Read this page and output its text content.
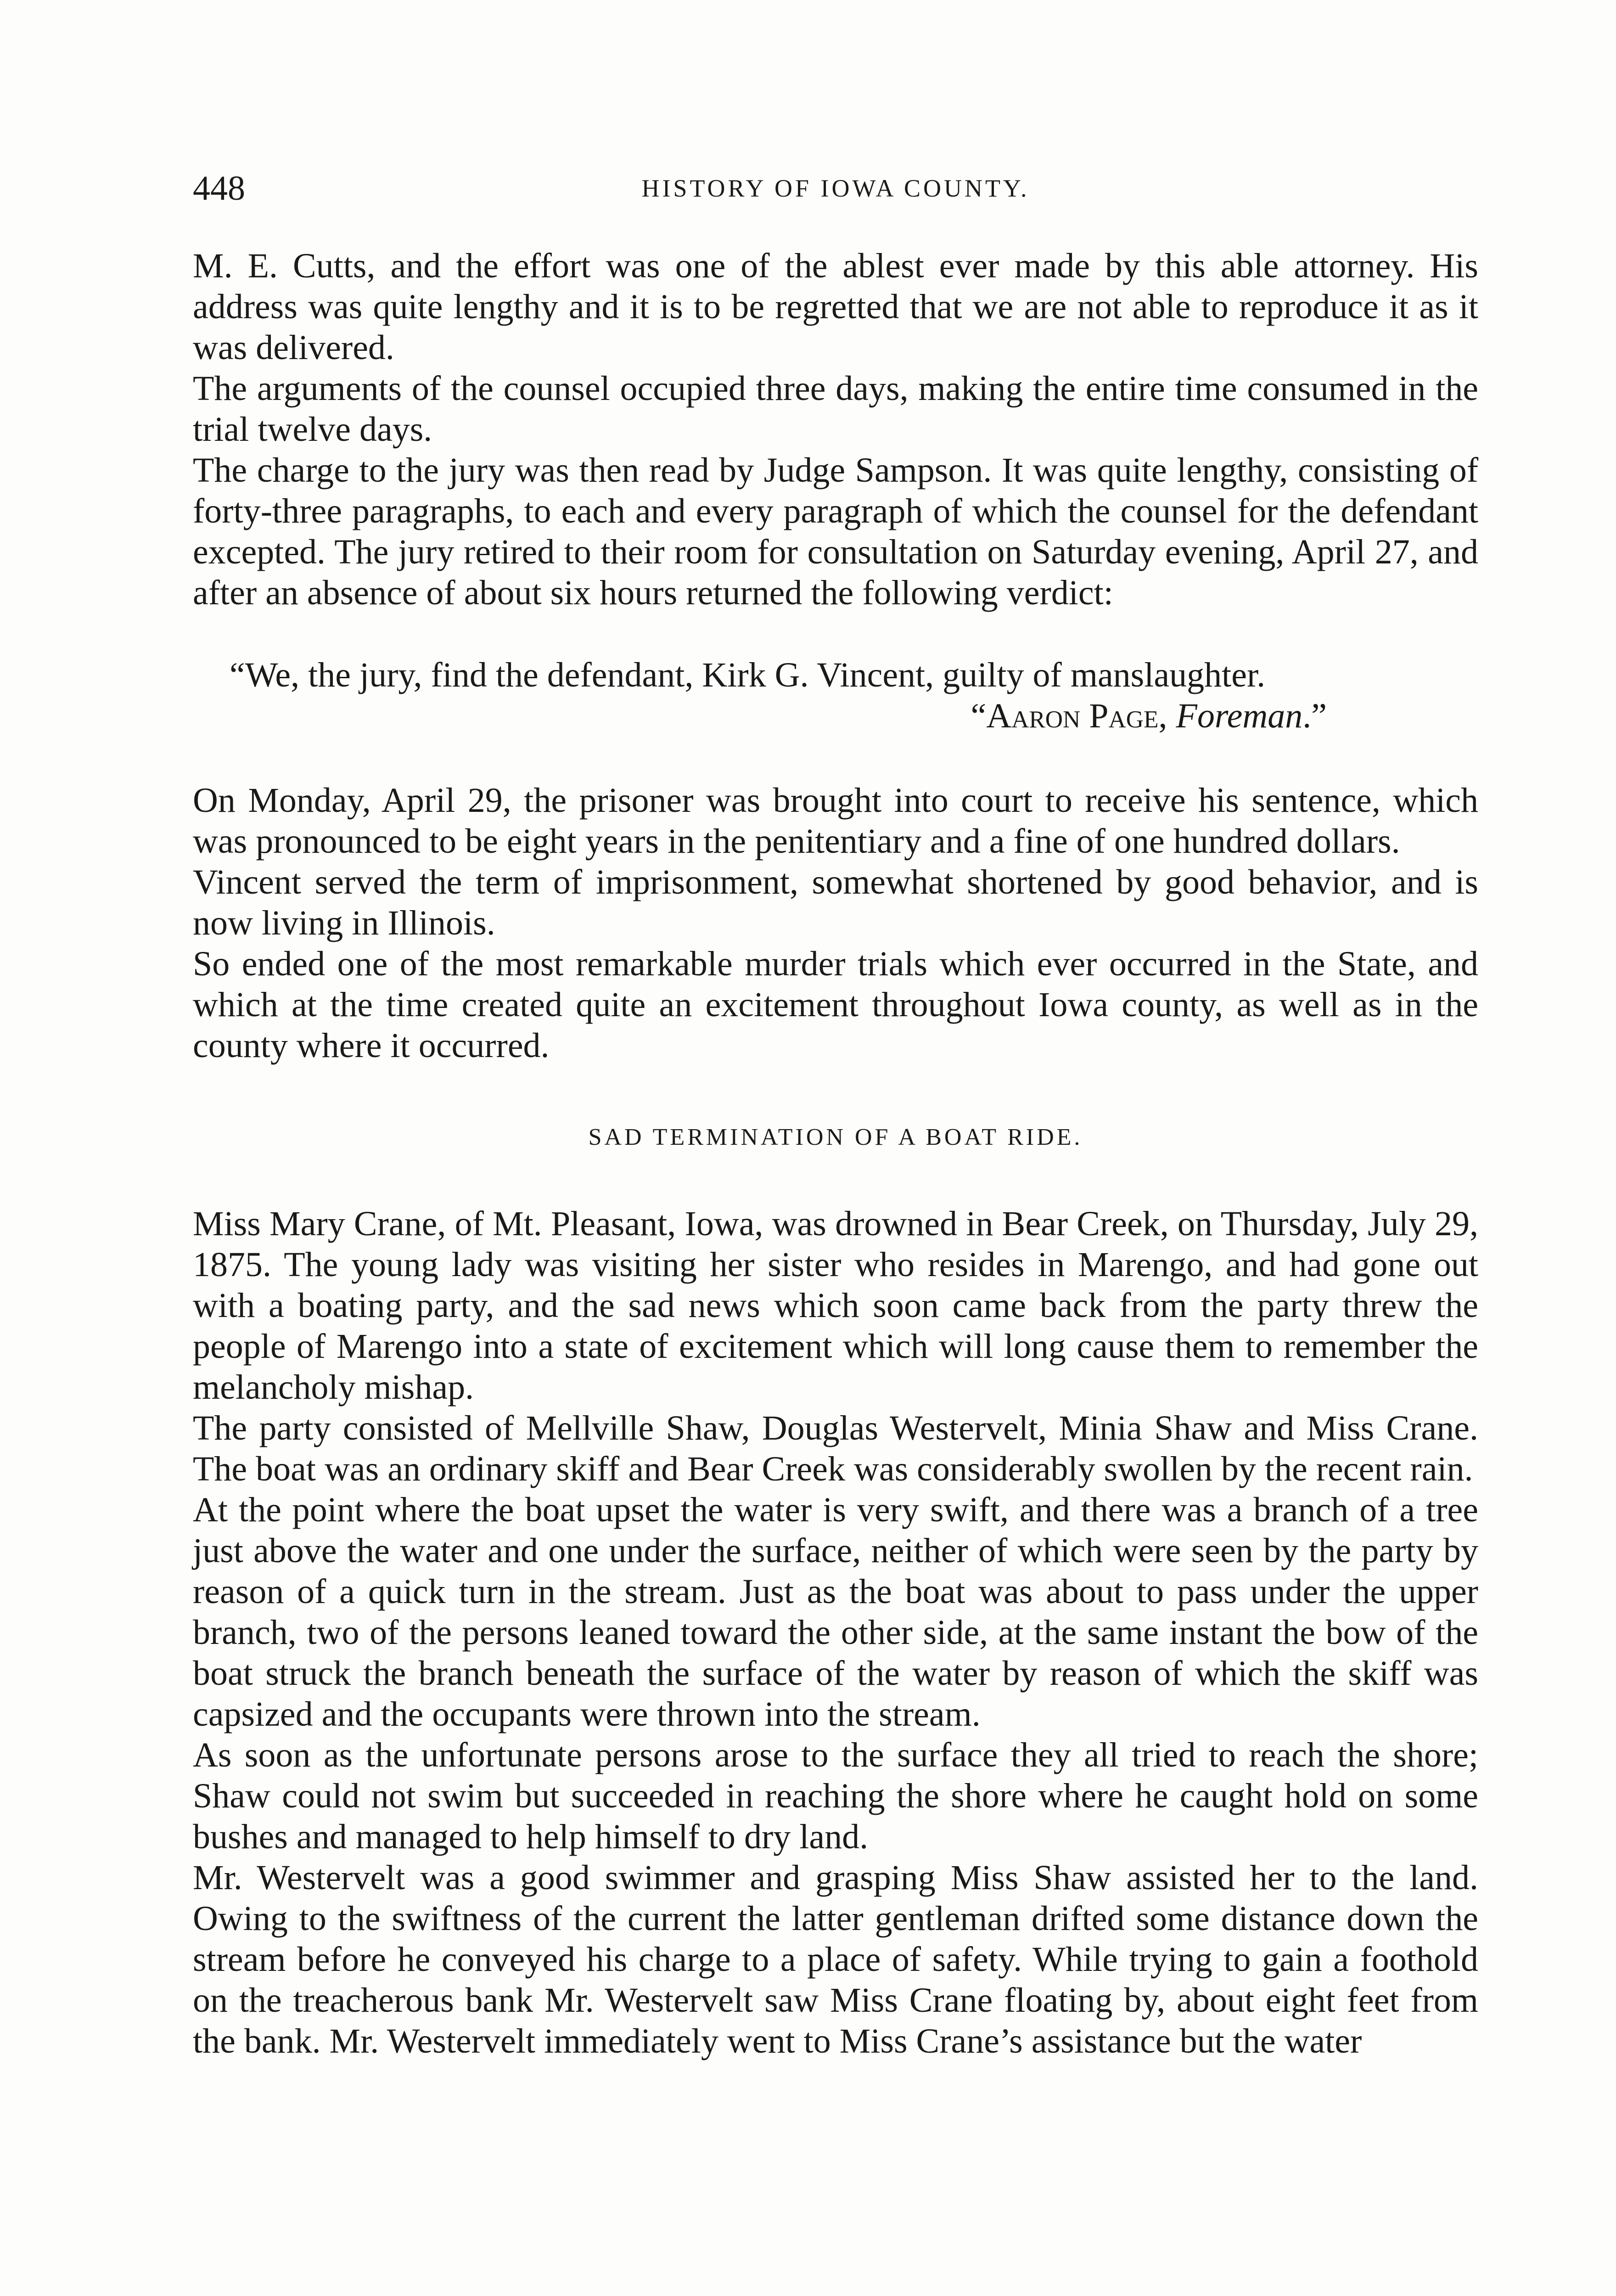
448	HISTORY OF IOWA COUNTY.

M. E. Cutts, and the effort was one of the ablest ever made by this able attorney. His address was quite lengthy and it is to be regretted that we are not able to reproduce it as it was delivered.

The arguments of the counsel occupied three days, making the entire time consumed in the trial twelve days.

The charge to the jury was then read by Judge Sampson. It was quite lengthy, consisting of forty-three paragraphs, to each and every paragraph of which the counsel for the defendant excepted. The jury retired to their room for consultation on Saturday evening, April 27, and after an absence of about six hours returned the following verdict:

“We, the jury, find the defendant, Kirk G. Vincent, guilty of manslaughter.

“Aaron Page, Foreman.”

On Monday, April 29, the prisoner was brought into court to receive his sentence, which was pronounced to be eight years in the penitentiary and a fine of one hundred dollars.

Vincent served the term of imprisonment, somewhat shortened by good behavior, and is now living in Illinois.

So ended one of the most remarkable murder trials which ever occurred in the State, and which at the time created quite an excitement throughout Iowa county, as well as in the county where it occurred.

SAD TERMINATION OF A BOAT RIDE.

Miss Mary Crane, of Mt. Pleasant, Iowa, was drowned in Bear Creek, on Thursday, July 29, 1875. The young lady was visiting her sister who resides in Marengo, and had gone out with a boating party, and the sad news which soon came back from the party threw the people of Marengo into a state of excitement which will long cause them to remember the melancholy mishap.

The party consisted of Mellville Shaw, Douglas Westervelt, Minia Shaw and Miss Crane. The boat was an ordinary skiff and Bear Creek was considerably swollen by the recent rain.

At the point where the boat upset the water is very swift, and there was a branch of a tree just above the water and one under the surface, neither of which were seen by the party by reason of a quick turn in the stream. Just as the boat was about to pass under the upper branch, two of the persons leaned toward the other side, at the same instant the bow of the boat struck the branch beneath the surface of the water by reason of which the skiff was capsized and the occupants were thrown into the stream.

As soon as the unfortunate persons arose to the surface they all tried to reach the shore; Shaw could not swim but succeeded in reaching the shore where he caught hold on some bushes and managed to help himself to dry land.

Mr. Westervelt was a good swimmer and grasping Miss Shaw assisted her to the land. Owing to the swiftness of the current the latter gentleman drifted some distance down the stream before he conveyed his charge to a place of safety. While trying to gain a foothold on the treacherous bank Mr. Westervelt saw Miss Crane floating by, about eight feet from the bank. Mr. Westervelt immediately went to Miss Crane’s assistance but the water
